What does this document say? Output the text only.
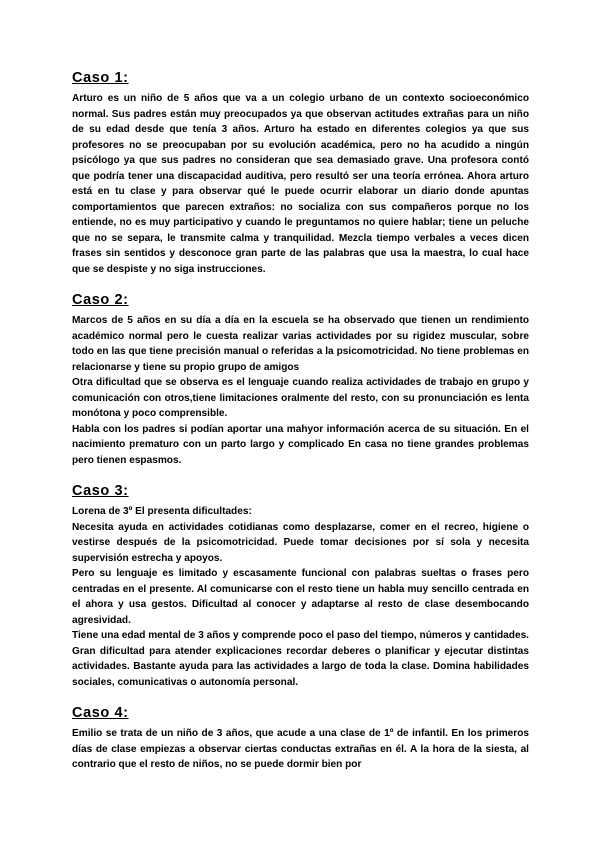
Caso 1:

Arturo es un niño de 5 años que va a un colegio urbano de un contexto socioeconómico normal. Sus padres están muy preocupados ya que observan actitudes extrañas para un niño de su edad desde que tenía 3 años. Arturo ha estado en diferentes colegios ya que sus profesores no se preocupaban por su evolución académica, pero no ha acudido a ningún psicólogo ya que sus padres no consideran que sea demasiado grave. Una profesora contó que podría tener una discapacidad auditiva, pero resultó ser una teoría errónea. Ahora arturo está en tu clase y para observar qué le puede ocurrir elaborar un diario donde apuntas comportamientos que parecen extraños: no socializa con sus compañeros porque no los entiende, no es muy participativo y cuando le preguntamos no quiere hablar; tiene un peluche que no se separa, le transmite calma y tranquilidad. Mezcla tiempo verbales a veces dicen frases sin sentidos y desconoce gran parte de las palabras que usa la maestra, lo cual hace que se despiste y no siga instrucciones.

Caso 2:

Marcos de 5 años en su día a día en la escuela se ha observado que tienen un rendimiento académico normal pero le cuesta realizar varias actividades por su rigidez muscular, sobre todo en las que tiene precisión manual o referidas a la psicomotricidad. No tiene problemas en relacionarse y tiene su propio grupo de amigos

Otra dificultad que se observa es el lenguaje cuando realiza actividades de trabajo en grupo y comunicación con otros,tiene limitaciones oralmente del resto, con su pronunciación es lenta monótona y poco comprensible.

Habla con los padres si podían aportar una mahyor información acerca de su situación. En el nacimiento prematuro con un parto largo y complicado En casa no tiene grandes problemas pero tienen espasmos.

Caso 3:

Lorena de 3º El presenta dificultades:

Necesita ayuda en actividades cotidianas como desplazarse, comer en el recreo, higiene o vestirse después de la psicomotricidad. Puede tomar decisiones por sí sola y necesita supervisión estrecha y apoyos.

Pero su lenguaje es limitado y escasamente funcional con palabras sueltas o frases pero centradas en el presente. Al comunicarse con el resto tiene un habla muy sencillo centrada en el ahora y usa gestos. Dificultad al conocer y adaptarse al resto de clase desembocando agresividad.

Tiene una edad mental de 3 años y comprende poco el paso del tiempo, números y cantidades. Gran dificultad para atender explicaciones recordar deberes o planificar y ejecutar distintas actividades. Bastante ayuda para las actividades a largo de toda la clase. Domina habilidades sociales, comunicativas o autonomía personal.

Caso 4:

Emilio se trata de un niño de 3 años, que acude a una clase de 1º de infantil. En los primeros días de clase empiezas a observar ciertas conductas extrañas en él. A la hora de la siesta, al contrario que el resto de niños, no se puede dormir bien por
